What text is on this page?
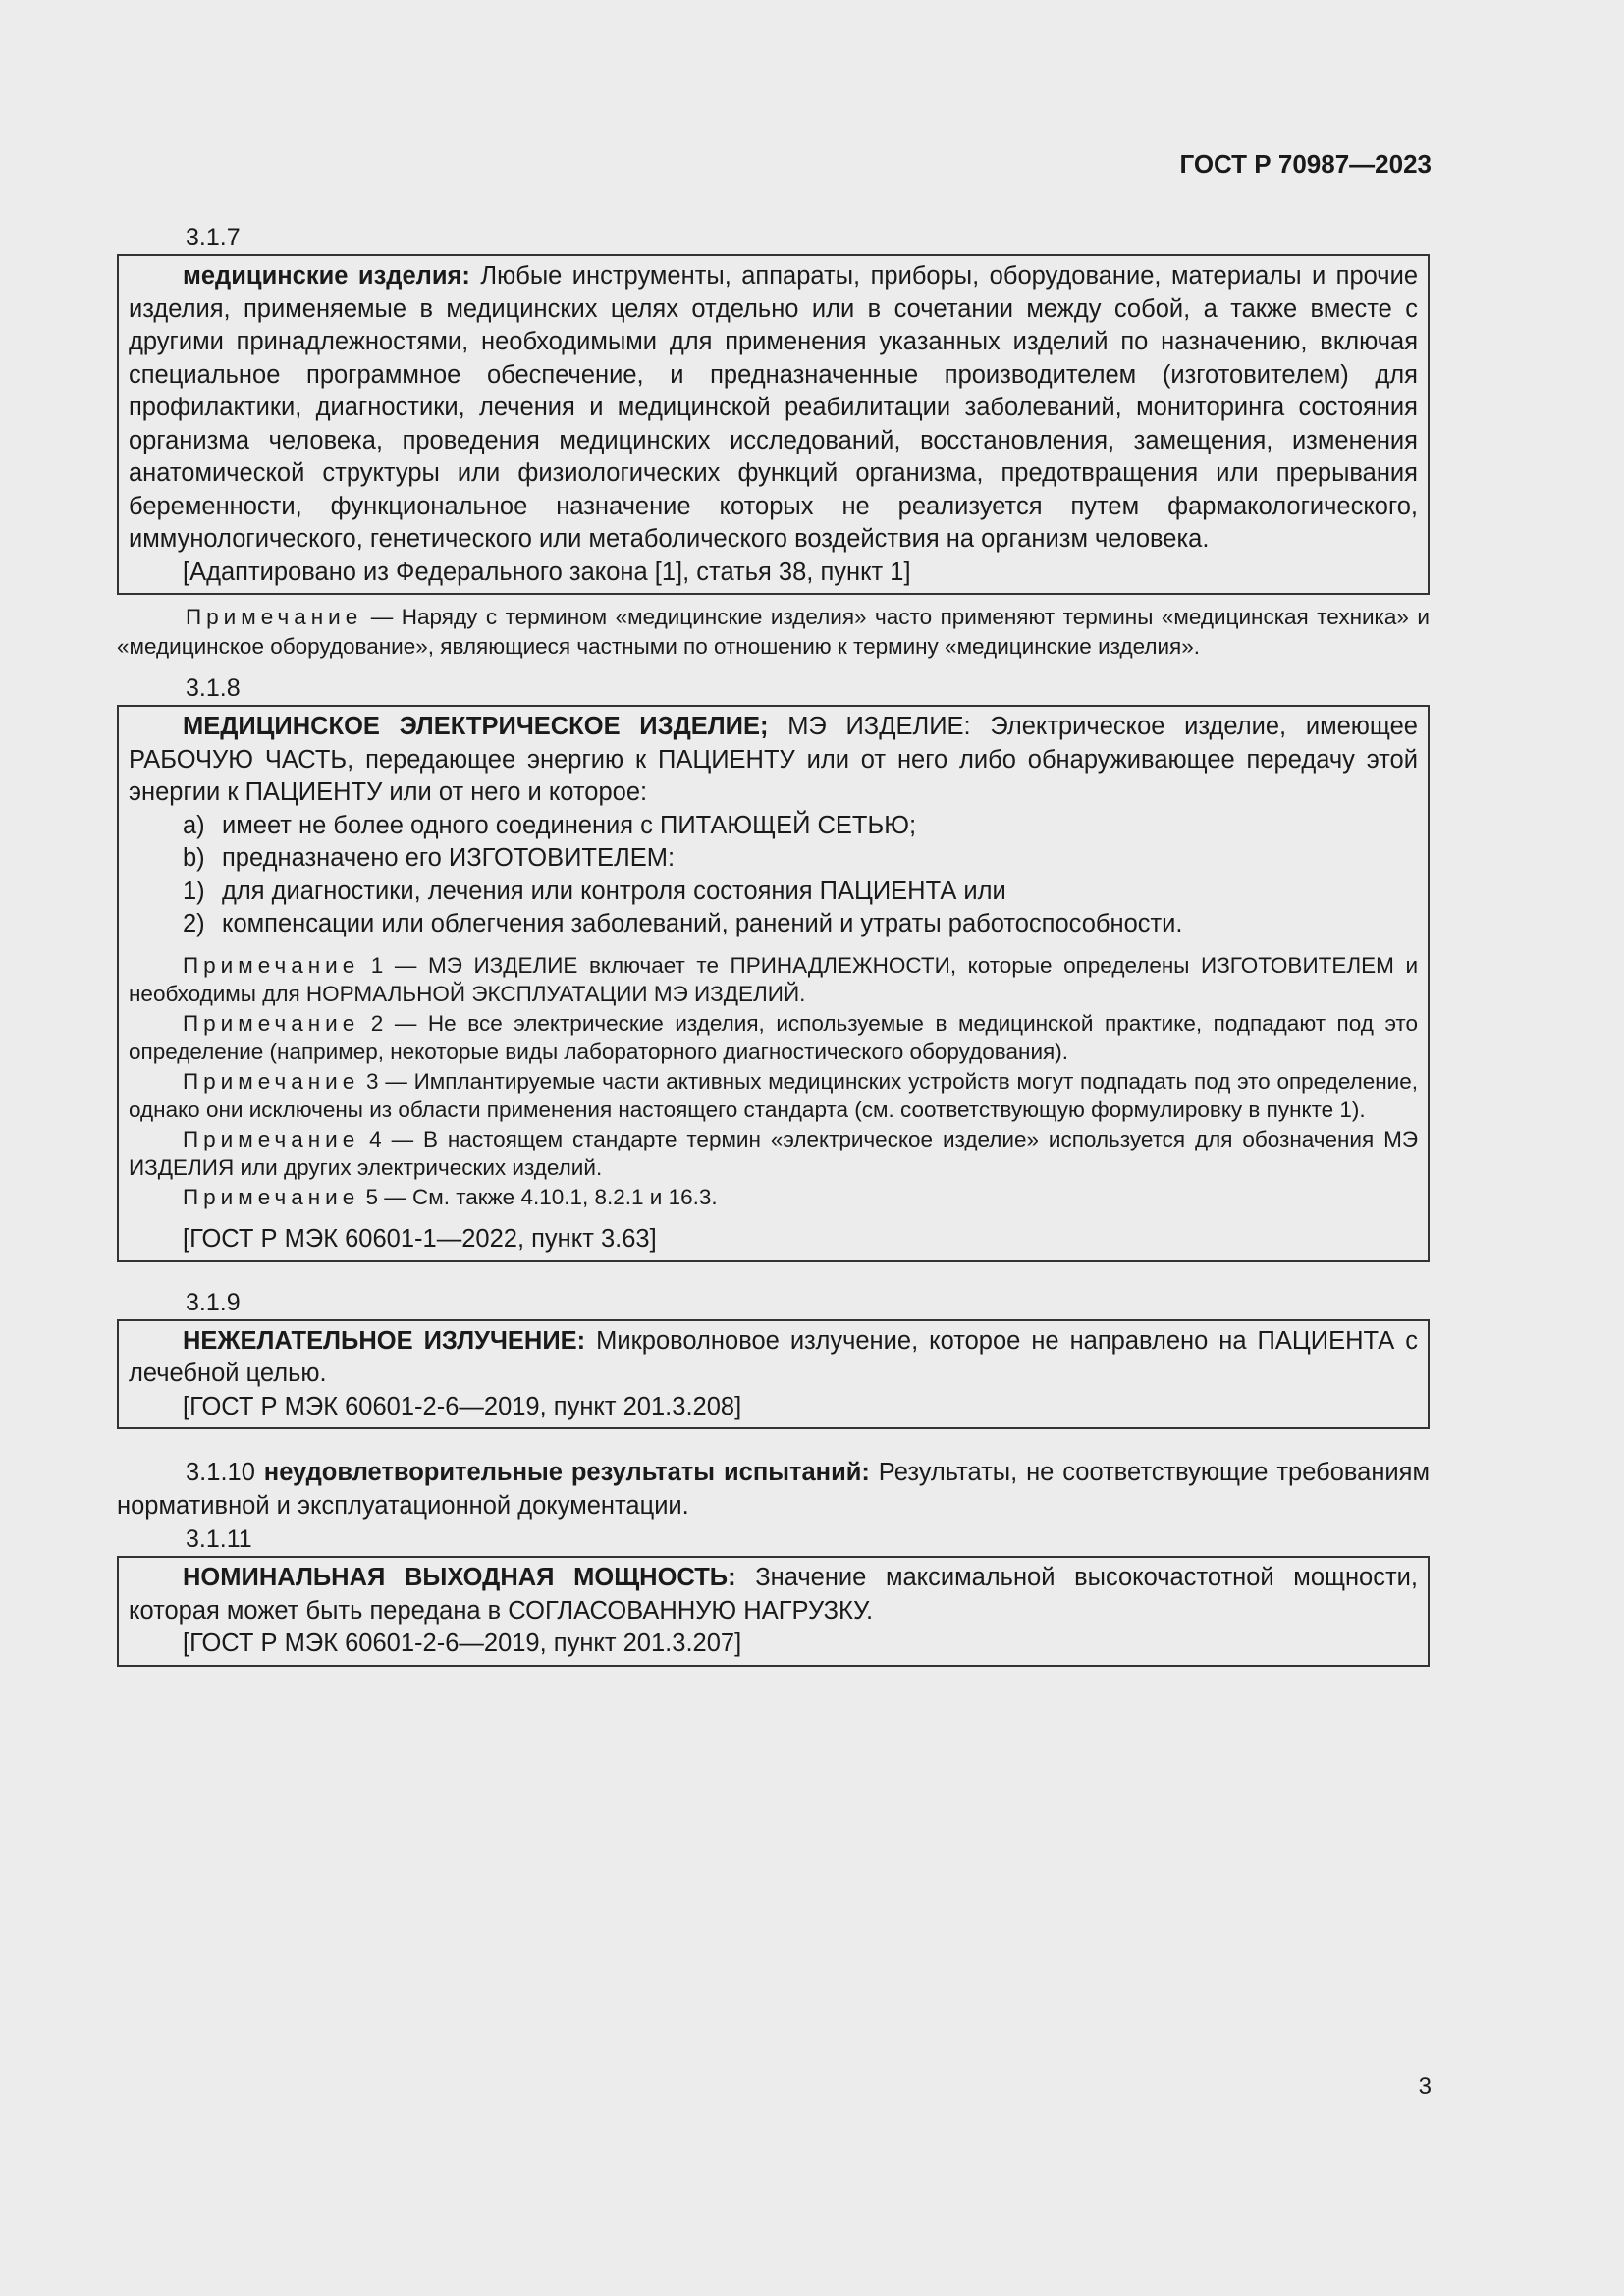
ГОСТ Р 70987—2023

3.1.7

медицинские изделия: Любые инструменты, аппараты, приборы, оборудование, материалы и прочие изделия, применяемые в медицинских целях отдельно или в сочетании между собой, а также вместе с другими принадлежностями, необходимыми для применения указанных изделий по назначению, включая специальное программное обеспечение, и предназначенные производителем (изготовителем) для профилактики, диагностики, лечения и медицинской реабилитации заболеваний, мониторинга состояния организма человека, проведения медицинских исследований, восстановления, замещения, изменения анатомической структуры или физиологических функций организма, предотвращения или прерывания беременности, функциональное назначение которых не реализуется путем фармакологического, иммунологического, генетического или метаболического воздействия на организм человека.

[Адаптировано из Федерального закона [1], статья 38, пункт 1]

Примечание — Наряду с термином «медицинские изделия» часто применяют термины «медицинская техника» и «медицинское оборудование», являющиеся частными по отношению к термину «медицинские изделия».

3.1.8

МЕДИЦИНСКОЕ ЭЛЕКТРИЧЕСКОЕ ИЗДЕЛИЕ; МЭ ИЗДЕЛИЕ: Электрическое изделие, имеющее РАБОЧУЮ ЧАСТЬ, передающее энергию к ПАЦИЕНТУ или от него либо обнаруживающее передачу этой энергии к ПАЦИЕНТУ или от него и которое:

a) имеет не более одного соединения с ПИТАЮЩЕЙ СЕТЬЮ;

b) предназначено его ИЗГОТОВИТЕЛЕМ:

1) для диагностики, лечения или контроля состояния ПАЦИЕНТА или

2) компенсации или облегчения заболеваний, ранений и утраты работоспособности.

Примечание 1 — МЭ ИЗДЕЛИЕ включает те ПРИНАДЛЕЖНОСТИ, которые определены ИЗГОТОВИТЕЛЕМ и необходимы для НОРМАЛЬНОЙ ЭКСПЛУАТАЦИИ МЭ ИЗДЕЛИЙ.

Примечание 2 — Не все электрические изделия, используемые в медицинской практике, подпадают под это определение (например, некоторые виды лабораторного диагностического оборудования).

Примечание 3 — Имплантируемые части активных медицинских устройств могут подпадать под это определение, однако они исключены из области применения настоящего стандарта (см. соответствующую формулировку в пункте 1).

Примечание 4 — В настоящем стандарте термин «электрическое изделие» используется для обозначения МЭ ИЗДЕЛИЯ или других электрических изделий.

Примечание 5 — См. также 4.10.1, 8.2.1 и 16.3.

[ГОСТ Р МЭК 60601-1—2022, пункт 3.63]

3.1.9

НЕЖЕЛАТЕЛЬНОЕ ИЗЛУЧЕНИЕ: Микроволновое излучение, которое не направлено на ПАЦИЕНТА с лечебной целью.

[ГОСТ Р МЭК 60601-2-6—2019, пункт 201.3.208]

3.1.10 неудовлетворительные результаты испытаний: Результаты, не соответствующие требованиям нормативной и эксплуатационной документации.

3.1.11

НОМИНАЛЬНАЯ ВЫХОДНАЯ МОЩНОСТЬ: Значение максимальной высокочастотной мощности, которая может быть передана в СОГЛАСОВАННУЮ НАГРУЗКУ.

[ГОСТ Р МЭК 60601-2-6—2019, пункт 201.3.207]

3
